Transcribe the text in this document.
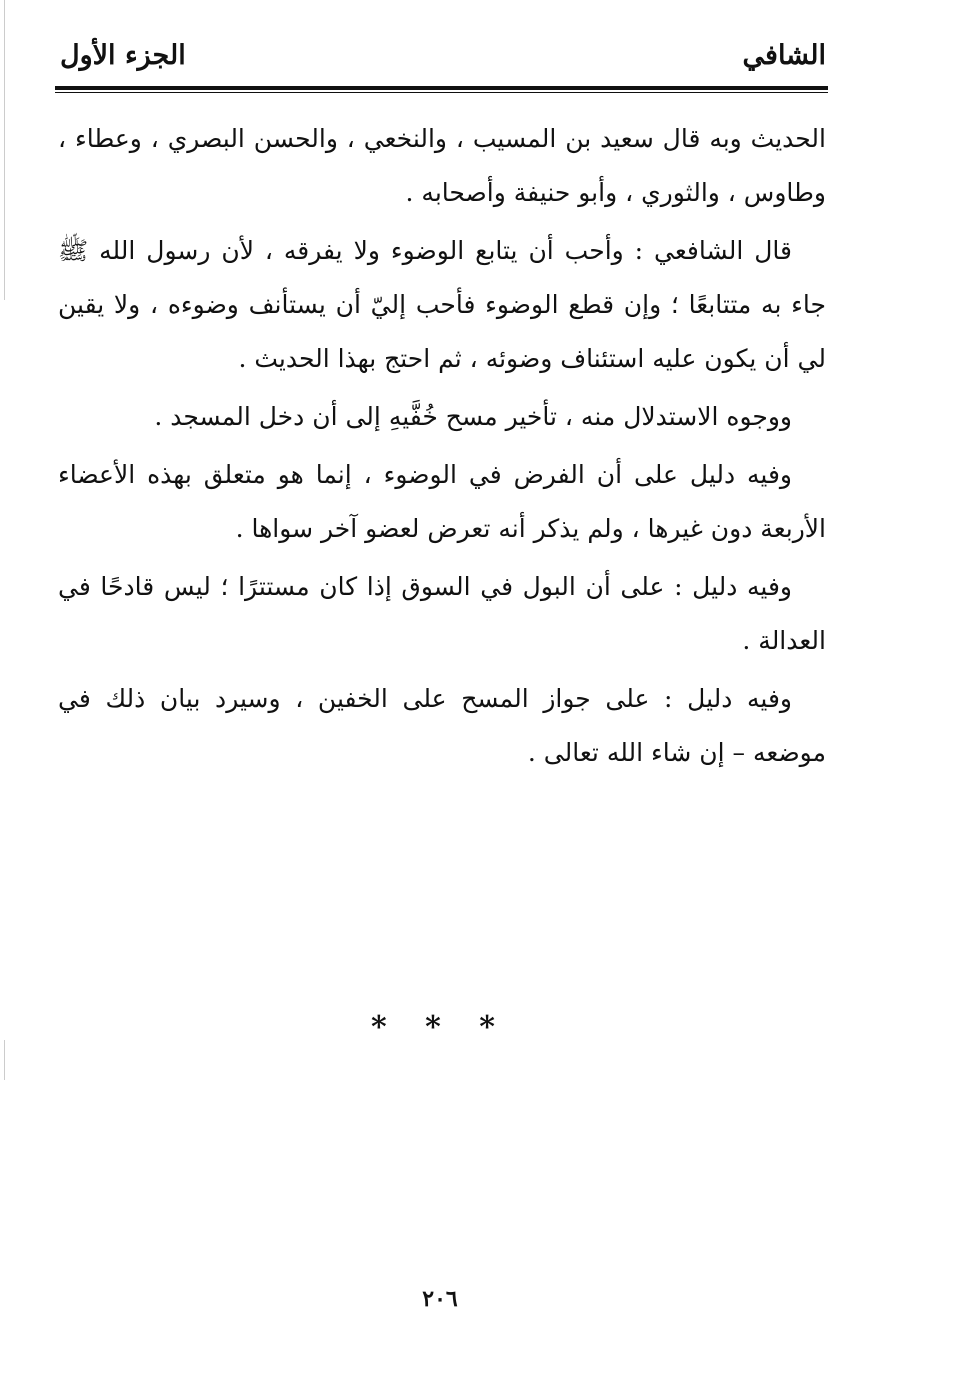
الشافي
الجزء الأول

الحديث وبه قال سعيد بن المسيب ، والنخعي ، والحسن البصري ، وعطاء ، وطاوس ، والثوري ، وأبو حنيفة وأصحابه .

قال الشافعي : وأحب أن يتابع الوضوء ولا يفرقه ، لأن رسول الله ﷺ جاء به متتابعًا ؛ وإن قطع الوضوء فأحب إليّ أن يستأنف وضوءه ، ولا يقين لي أن يكون عليه استئناف وضوئه ، ثم احتج بهذا الحديث .

ووجوه الاستدلال منه ، تأخير مسح خُفَّيهِ إلى أن دخل المسجد .

وفيه دليل على أن الفرض في الوضوء ، إنما هو متعلق بهذه الأعضاء الأربعة دون غيرها ، ولم يذكر أنه تعرض لعضو آخر سواها .

وفيه دليل : على أن البول في السوق إذا كان مستترًا ؛ ليس قادحًا في العدالة .

وفيه دليل : على جواز المسح على الخفين ، وسيرد بيان ذلك في موضعه – إن شاء الله تعالى .

* * *
٢٠٦
